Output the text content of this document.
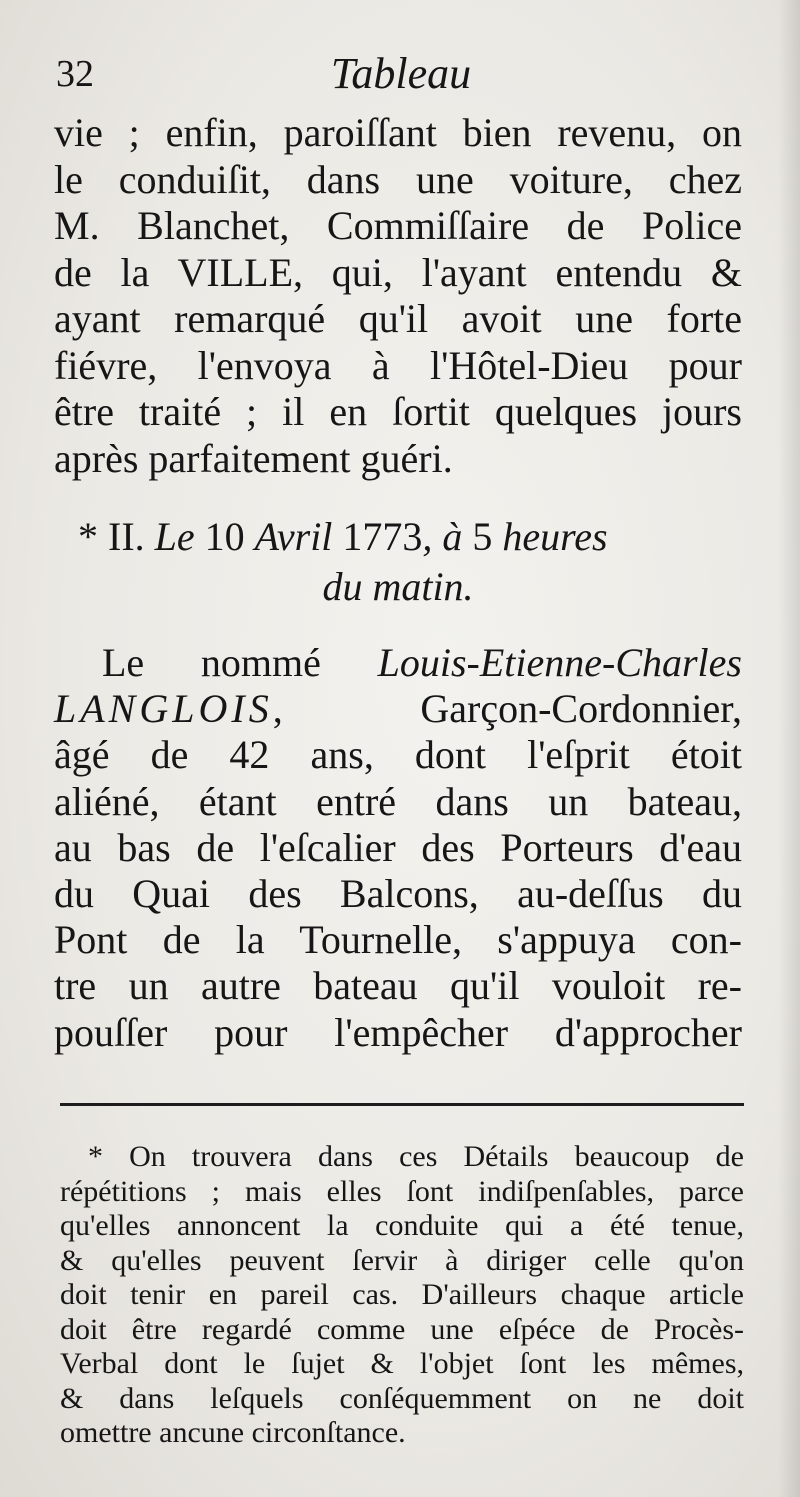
32	Tableau
vie ; enfin, paroiſſant bien revenu, on
le conduiſit, dans une voiture, chez
M. Blanchet, Commiſſaire de Police
de la VILLE, qui, l'ayant entendu &
ayant remarqué qu'il avoit une forte
fiévre, l'envoya à l'Hôtel-Dieu pour
être traité ; il en ſortit quelques jours
après parfaitement guéri.
* II. Le 10 Avril 1773, à 5 heures
du matin.
Le nommé Louis-Etienne-Charles
LANGLOIS, Garçon-Cordonnier,
âgé de 42 ans, dont l'eſprit étoit
aliéné, étant entré dans un bateau,
au bas de l'eſcalier des Porteurs d'eau
du Quai des Balcons, au-deſſus du
Pont de la Tournelle, s'appuya con-
tre un autre bateau qu'il vouloit re-
pouſſer pour l'empêcher d'approcher
* On trouvera dans ces Détails beaucoup de
répétitions ; mais elles ſont indiſpenſables, parce
qu'elles annoncent la conduite qui a été tenue,
& qu'elles peuvent ſervir à diriger celle qu'on
doit tenir en pareil cas. D'ailleurs chaque article
doit être regardé comme une eſpéce de Procès-
Verbal dont le ſujet & l'objet ſont les mêmes,
& dans leſquels conſéquemment on ne doit
omettre ancune circonſtance.
